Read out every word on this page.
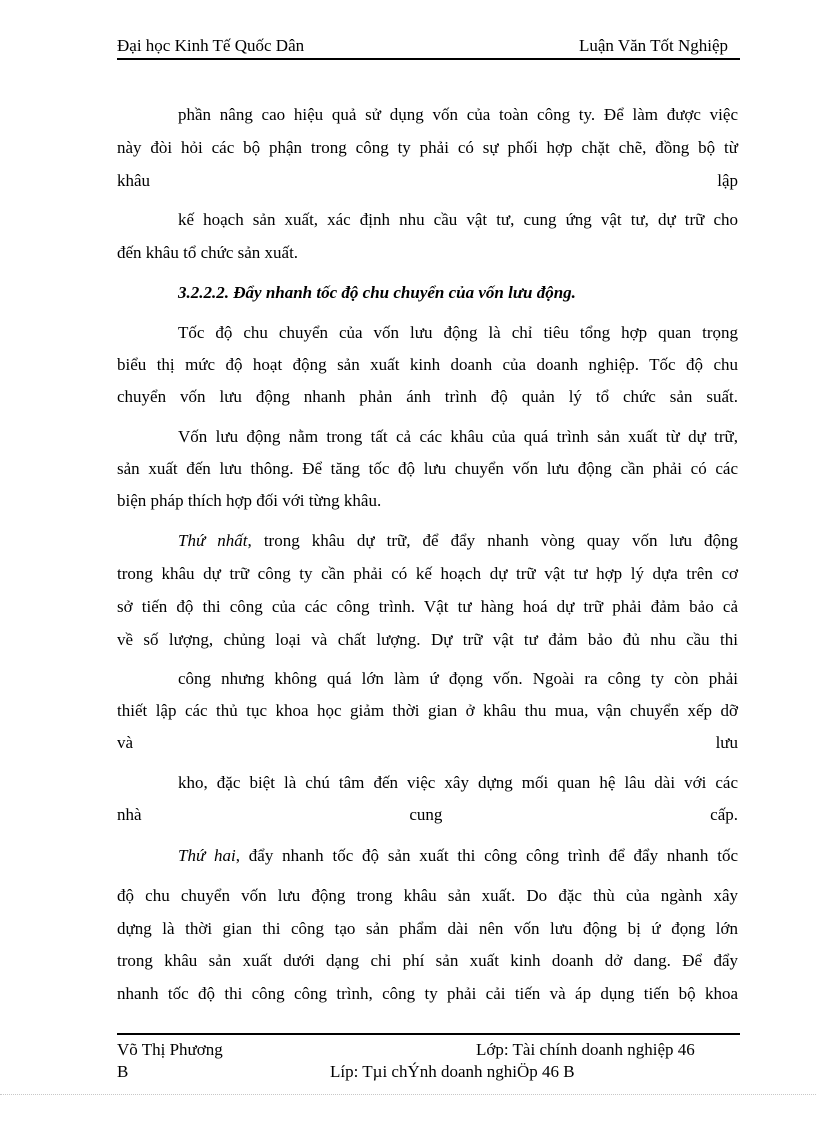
Đại học Kinh Tế Quốc Dân	Luận Văn Tốt Nghiệp
phần nâng cao hiệu quả sử dụng vốn của toàn công ty. Để làm được việc
này đòi hỏi các bộ phận trong công ty phải có sự phối hợp chặt chẽ, đồng bộ từ
khâu	lập
kế hoạch sản xuất, xác định nhu cầu vật tư, cung ứng vật tư, dự trữ cho
đến khâu tổ chức sản xuất.
3.2.2.2. Đẩy nhanh tốc độ chu chuyển của vốn lưu động.
Tốc độ chu chuyển của vốn lưu động là chỉ tiêu tổng hợp quan trọng
biểu thị mức độ hoạt động sản xuất kinh doanh của doanh nghiệp. Tốc độ chu
chuyển vốn lưu động nhanh phản ánh trình độ quản lý tổ chức sản suất.
Vốn lưu động nằm trong tất cả các khâu của quá trình sản xuất từ dự trữ,
sản xuất đến lưu thông. Để tăng tốc độ lưu chuyển vốn lưu động cần phải có các
biện pháp thích hợp đối với từng khâu.
Thứ nhất, trong khâu dự trữ, để đẩy nhanh vòng quay vốn lưu động
trong khâu dự trữ công ty cần phải có kế hoạch dự trữ vật tư hợp lý dựa trên cơ
sở tiến độ thi công của các công trình. Vật tư hàng hoá dự trữ phải đảm bảo cả
về số lượng, chủng loại và chất lượng. Dự trữ vật tư đảm bảo đủ nhu cầu thi
công nhưng không quá lớn làm ứ đọng vốn. Ngoài ra công ty còn phải
thiết lập các thủ tục khoa học giảm thời gian ở khâu thu mua, vận chuyển xếp dỡ
và	lưu
kho, đặc biệt là chú tâm đến việc xây dựng mối quan hệ lâu dài với các
nhà	cung	cấp.
Thứ hai, đẩy nhanh tốc độ sản xuất thi công công trình để đẩy nhanh tốc
độ chu chuyển vốn lưu động trong khâu sản xuất. Do đặc thù của ngành xây
dựng là thời gian thi công tạo sản phẩm dài nên vốn lưu động bị ứ đọng lớn
trong khâu sản xuất dưới dạng chi phí sản xuất kinh doanh dở dang. Để đẩy
nhanh tốc độ thi công công trình, công ty phải cải tiến và áp dụng tiến bộ khoa
Võ Thị Phương	Lớp: Tài chính doanh nghiệp 46
B	Líp: Tµi chÝnh doanh nghiÖp 46 B
